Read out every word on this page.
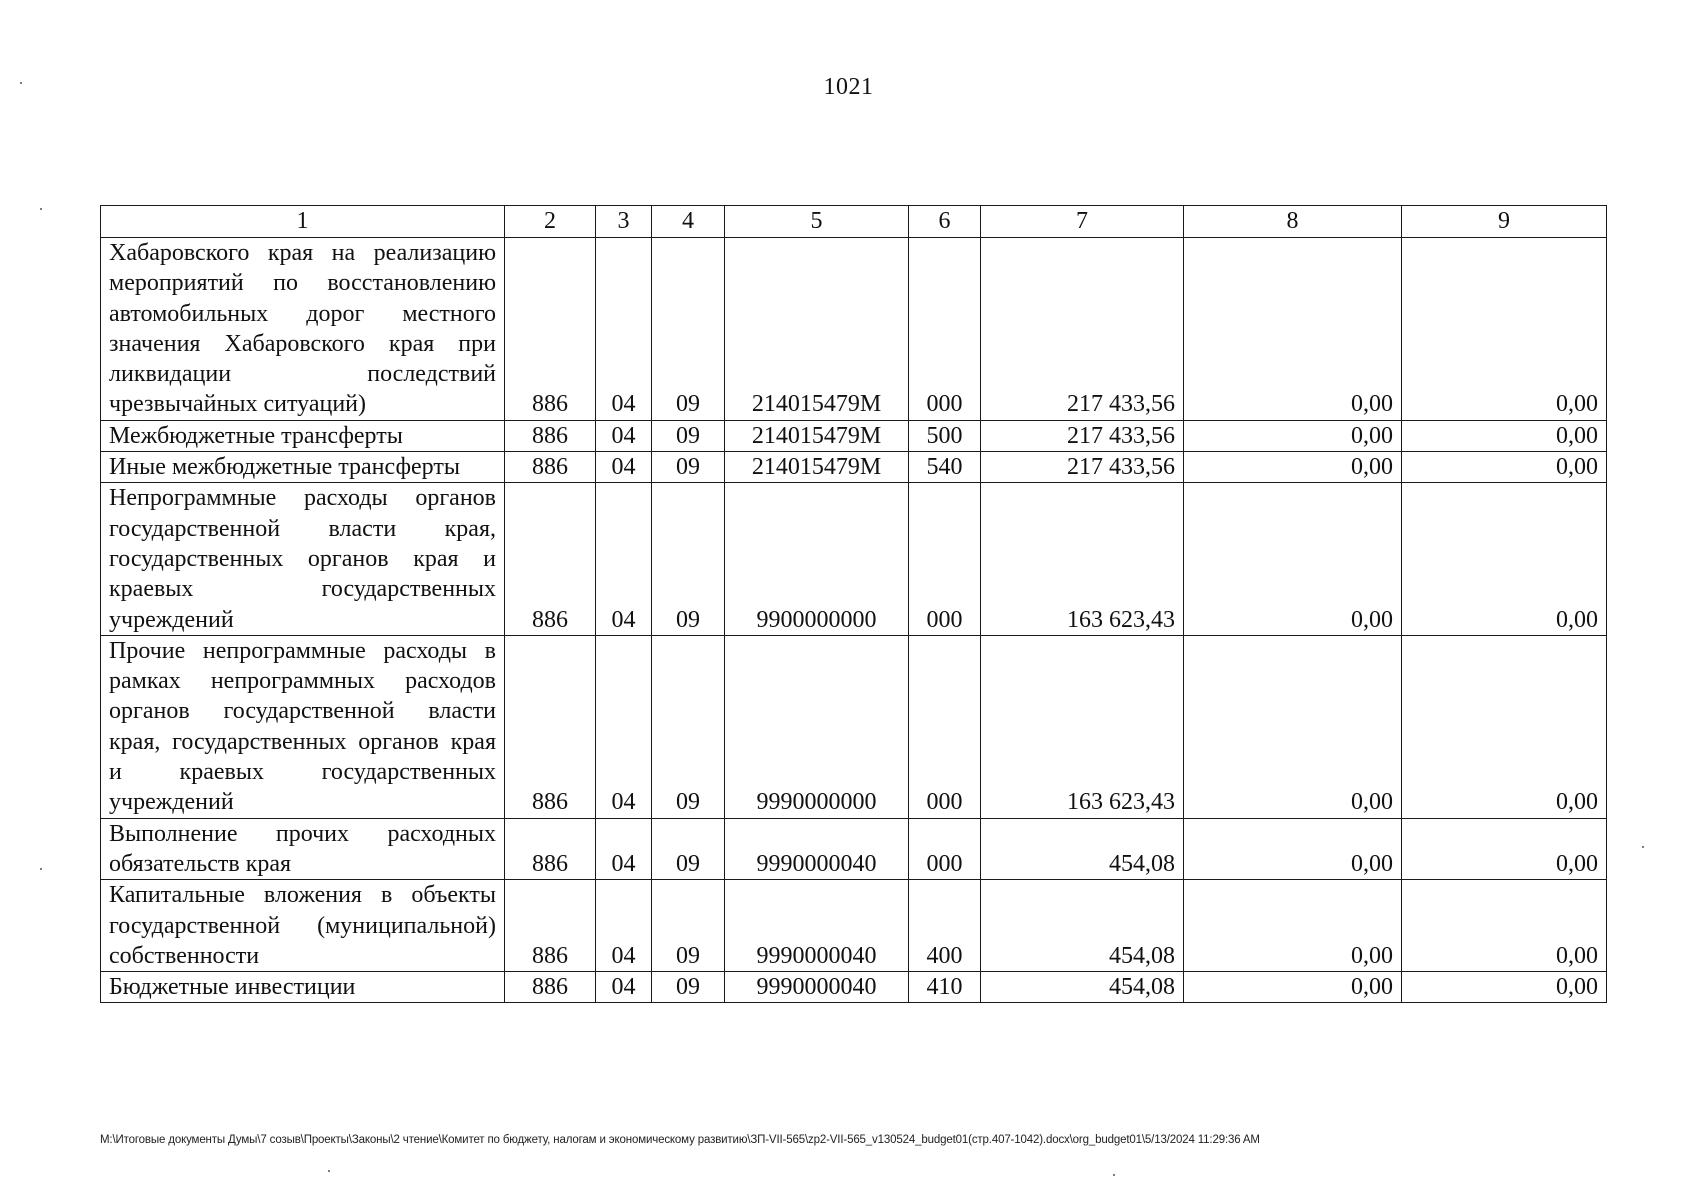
1021
1	2	3	4	5	6	7	8	9
Хабаровского края на реализацию мероприятий по восстановлению автомобильных дорог местного значения Хабаровского края при ликвидации последствий чрезвычайных ситуаций)	886	04	09	214015479М	000	217 433,56	0,00	0,00
Межбюджетные трансферты	886	04	09	214015479М	500	217 433,56	0,00	0,00
Иные межбюджетные трансферты	886	04	09	214015479М	540	217 433,56	0,00	0,00
Непрограммные расходы органов государственной власти края, государственных органов края и краевых государственных учреждений	886	04	09	9900000000	000	163 623,43	0,00	0,00
Прочие непрограммные расходы в рамках непрограммных расходов органов государственной власти края, государственных органов края и краевых государственных учреждений	886	04	09	9990000000	000	163 623,43	0,00	0,00
Выполнение прочих расходных обязательств края	886	04	09	9990000040	000	454,08	0,00	0,00
Капитальные вложения в объекты государственной (муниципальной) собственности	886	04	09	9990000040	400	454,08	0,00	0,00
Бюджетные инвестиции	886	04	09	9990000040	410	454,08	0,00	0,00
M:\Итоговые документы Думы\7 созыв\Проекты\Законы\2 чтение\Комитет по бюджету, налогам и экономическому развитию\ЗП-VII-565\zp2-VII-565_v130524_budget01(стр.407-1042).docx\org_budget01\5/13/2024 11:29:36 AM
